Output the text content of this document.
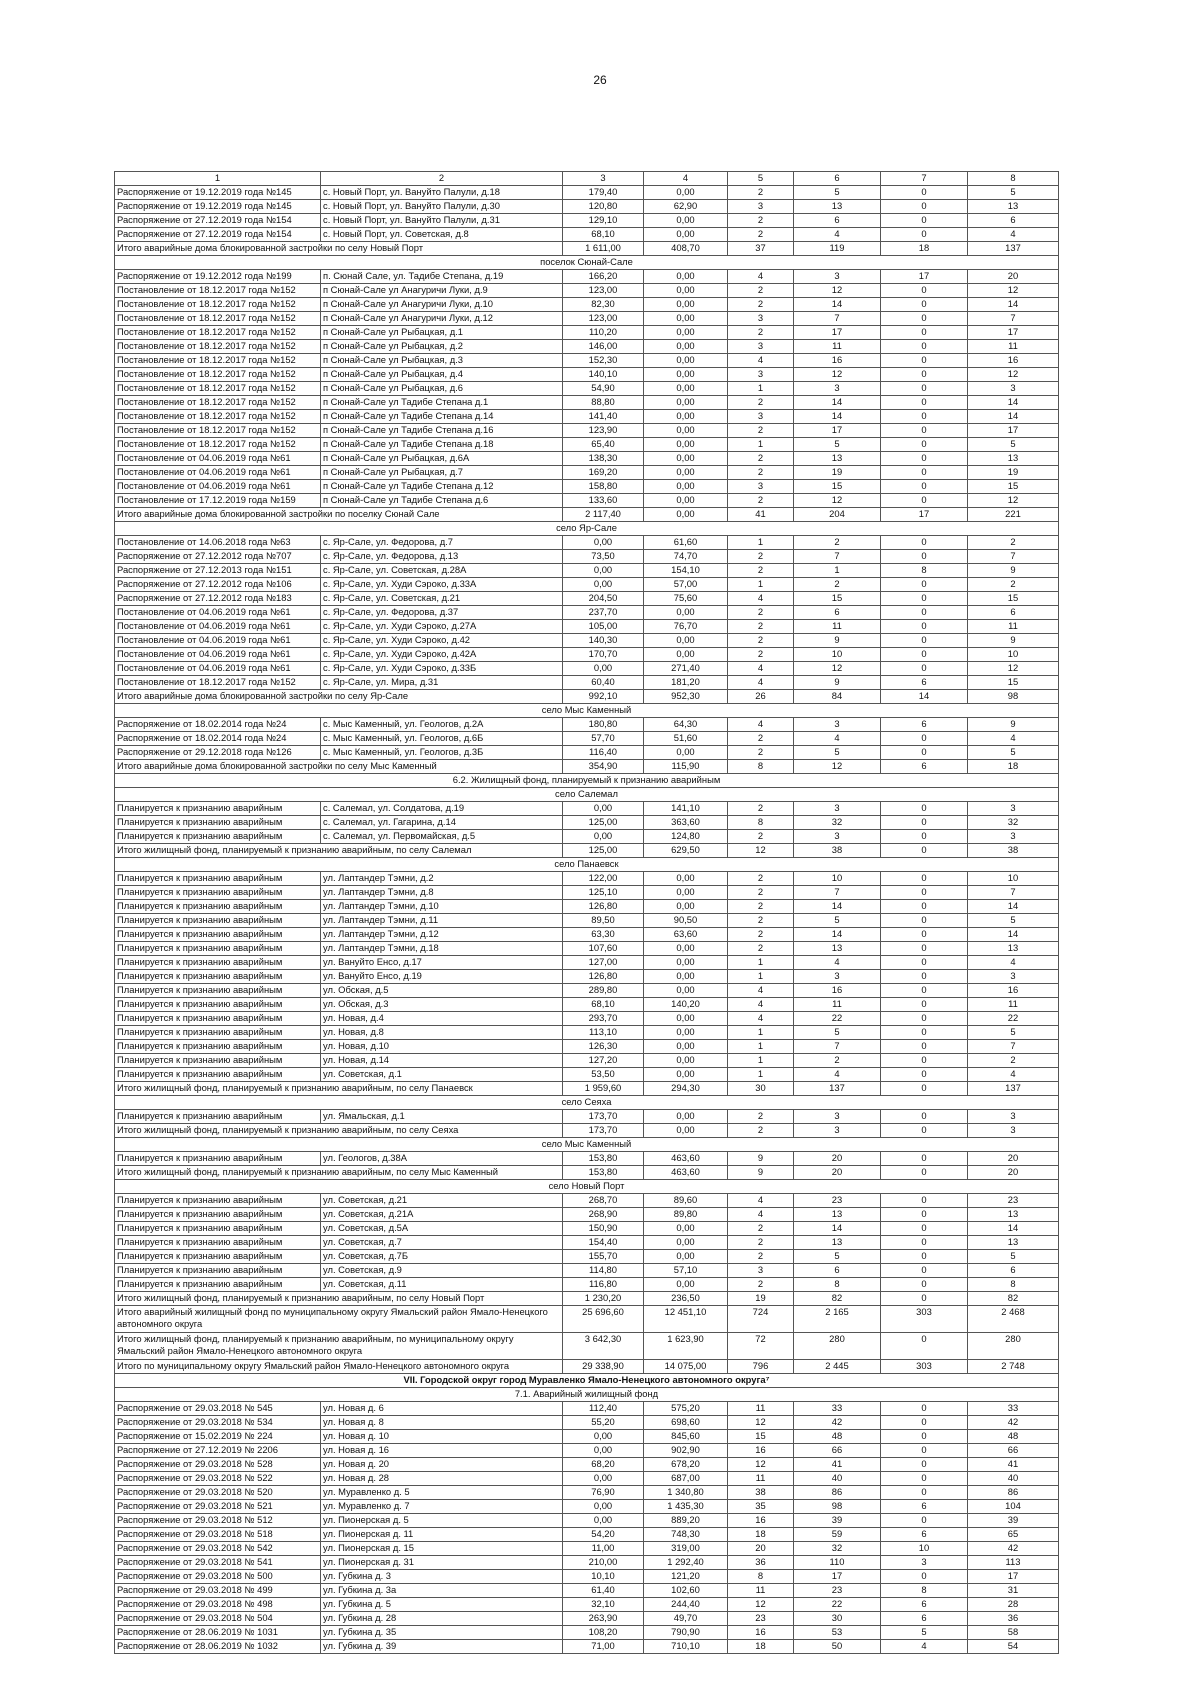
26
1	2	3	4	5	6	7	8
Распоряжение от 19.12.2019 года №145	с. Новый Порт, ул. Вануйто Палули, д.18	179,40	0,00	2	5	0	5
Распоряжение от 19.12.2019 года №145	с. Новый Порт, ул. Вануйто Палули, д.30	120,80	62,90	3	13	0	13
Распоряжение от 27.12.2019 года №154	с. Новый Порт, ул. Вануйто Палули, д.31	129,10	0,00	2	6	0	6
Распоряжение от 27.12.2019 года №154	с. Новый Порт, ул. Советская, д.8	68,10	0,00	2	4	0	4
Итого аварийные дома блокированной застройки по селу Новый Порт		1 611,00	408,70	37	119	18	137
поселок Сюнай-Сале							
Распоряжение от 19.12.2012 года №199	п. Сюнай Сале, ул. Тадибе Степана, д.19	166,20	0,00	4	3	17	20
Постановление от 18.12.2017 года №152	п Сюнай-Сале ул Анагуричи Луки, д.9	123,00	0,00	2	12	0	12
Постановление от 18.12.2017 года №152	п Сюнай-Сале ул Анагуричи Луки, д.10	82,30	0,00	2	14	0	14
Постановление от 18.12.2017 года №152	п Сюнай-Сале ул Анагуричи Луки, д.12	123,00	0,00	3	7	0	7
Постановление от 18.12.2017 года №152	п Сюнай-Сале ул Рыбацкая, д.1	110,20	0,00	2	17	0	17
Постановление от 18.12.2017 года №152	п Сюнай-Сале ул Рыбацкая, д.2	146,00	0,00	3	11	0	11
Постановление от 18.12.2017 года №152	п Сюнай-Сале ул Рыбацкая, д.3	152,30	0,00	4	16	0	16
Постановление от 18.12.2017 года №152	п Сюнай-Сале ул Рыбацкая, д.4	140,10	0,00	3	12	0	12
Постановление от 18.12.2017 года №152	п Сюнай-Сале ул Рыбацкая, д.6	54,90	0,00	1	3	0	3
Постановление от 18.12.2017 года №152	п Сюнай-Сале ул Тадибе Степана д.1	88,80	0,00	2	14	0	14
Постановление от 18.12.2017 года №152	п Сюнай-Сале ул Тадибе Степана д.14	141,40	0,00	3	14	0	14
Постановление от 18.12.2017 года №152	п Сюнай-Сале ул Тадибе Степана д.16	123,90	0,00	2	17	0	17
Постановление от 18.12.2017 года №152	п Сюнай-Сале ул Тадибе Степана д.18	65,40	0,00	1	5	0	5
Постановление от 04.06.2019 года №61	п Сюнай-Сале ул Рыбацкая, д.6А	138,30	0,00	2	13	0	13
Постановление от 04.06.2019 года №61	п Сюнай-Сале ул Рыбацкая, д.7	169,20	0,00	2	19	0	19
Постановление от 04.06.2019 года №61	п Сюнай-Сале ул Тадибе Степана д.12	158,80	0,00	3	15	0	15
Постановление от 17.12.2019 года №159	п Сюнай-Сале ул Тадибе Степана д.6	133,60	0,00	2	12	0	12
Итого аварийные дома блокированной застройки по поселку Сюнай Сале		2 117,40	0,00	41	204	17	221
село Яр-Сале							
Постановление от 14.06.2018 года №63	с. Яр-Сале, ул. Федорова, д.7	0,00	61,60	1	2	0	2
Распоряжение от 27.12.2012 года №707	с. Яр-Сале, ул. Федорова, д.13	73,50	74,70	2	7	0	7
Распоряжение от 27.12.2013 года №151	с. Яр-Сале, ул. Советская, д.28А	0,00	154,10	2	1	8	9
Распоряжение от 27.12.2012 года №106	с. Яр-Сале, ул. Худи Сэроко, д.33А	0,00	57,00	1	2	0	2
Распоряжение от 27.12.2012 года №183	с. Яр-Сале, ул. Советская, д.21	204,50	75,60	4	15	0	15
Постановление от 04.06.2019 года №61	с. Яр-Сале, ул. Федорова, д.37	237,70	0,00	2	6	0	6
Постановление от 04.06.2019 года №61	с. Яр-Сале, ул. Худи Сэроко, д.27А	105,00	76,70	2	11	0	11
Постановление от 04.06.2019 года №61	с. Яр-Сале, ул. Худи Сэроко, д.42	140,30	0,00	2	9	0	9
Постановление от 04.06.2019 года №61	с. Яр-Сале, ул. Худи Сэроко, д.42А	170,70	0,00	2	10	0	10
Постановление от 04.06.2019 года №61	с. Яр-Сале, ул. Худи Сэроко, д.33Б	0,00	271,40	4	12	0	12
Постановление от 18.12.2017 года №152	с. Яр-Сале, ул. Мира, д.31	60,40	181,20	4	9	6	15
Итого аварийные дома блокированной застройки по селу Яр-Сале		992,10	952,30	26	84	14	98
село Мыс Каменный							
Распоряжение от 18.02.2014 года №24	с. Мыс Каменный, ул. Геологов, д.2А	180,80	64,30	4	3	6	9
Распоряжение от 18.02.2014 года №24	с. Мыс Каменный, ул. Геологов, д.6Б	57,70	51,60	2	4	0	4
Распоряжение от 29.12.2018 года №126	с. Мыс Каменный, ул. Геологов, д.3Б	116,40	0,00	2	5	0	5
Итого аварийные дома блокированной застройки по селу Мыс Каменный		354,90	115,90	8	12	6	18
6.2. Жилищный фонд, планируемый к признанию аварийным							
село Салемал							
Планируется к признанию аварийным	с. Салемал, ул. Солдатова, д.19	0,00	141,10	2	3	0	3
Планируется к признанию аварийным	с. Салемал, ул. Гагарина, д.14	125,00	363,60	8	32	0	32
Планируется к признанию аварийным	с. Салемал, ул. Первомайская, д.5	0,00	124,80	2	3	0	3
Итого жилищный фонд, планируемый к признанию аварийным, по селу Салемал		125,00	629,50	12	38	0	38
село Панаевск							
Планируется к признанию аварийным	ул. Лаптандер Тэмни, д.2	122,00	0,00	2	10	0	10
Планируется к признанию аварийным	ул. Лаптандер Тэмни, д.8	125,10	0,00	2	7	0	7
Планируется к признанию аварийным	ул. Лаптандер Тэмни, д.10	126,80	0,00	2	14	0	14
Планируется к признанию аварийным	ул. Лаптандер Тэмни, д.11	89,50	90,50	2	5	0	5
Планируется к признанию аварийным	ул. Лаптандер Тэмни, д.12	63,30	63,60	2	14	0	14
Планируется к признанию аварийным	ул. Лаптандер Тэмни, д.18	107,60	0,00	2	13	0	13
Планируется к признанию аварийным	ул. Вануйто Енсо, д.17	127,00	0,00	1	4	0	4
Планируется к признанию аварийным	ул. Вануйто Енсо, д.19	126,80	0,00	1	3	0	3
Планируется к признанию аварийным	ул. Обская, д.5	289,80	0,00	4	16	0	16
Планируется к признанию аварийным	ул. Обская, д.3	68,10	140,20	4	11	0	11
Планируется к признанию аварийным	ул. Новая, д.4	293,70	0,00	4	22	0	22
Планируется к признанию аварийным	ул. Новая, д.8	113,10	0,00	1	5	0	5
Планируется к признанию аварийным	ул. Новая, д.10	126,30	0,00	1	7	0	7
Планируется к признанию аварийным	ул. Новая, д.14	127,20	0,00	1	2	0	2
Планируется к признанию аварийным	ул. Советская, д.1	53,50	0,00	1	4	0	4
Итого жилищный фонд, планируемый к признанию аварийным, по селу Панаевск		1 959,60	294,30	30	137	0	137
село Сеяха							
Планируется к признанию аварийным	ул. Ямальская, д.1	173,70	0,00	2	3	0	3
Итого жилищный фонд, планируемый к признанию аварийным, по селу Сеяха		173,70	0,00	2	3	0	3
село Мыс Каменный							
Планируется к признанию аварийным	ул. Геологов, д.38А	153,80	463,60	9	20	0	20
Итого жилищный фонд, планируемый к признанию аварийным, по селу Мыс Каменный		153,80	463,60	9	20	0	20
село Новый Порт							
Планируется к признанию аварийным	ул. Советская, д.21	268,70	89,60	4	23	0	23
Планируется к признанию аварийным	ул. Советская, д.21А	268,90	89,80	4	13	0	13
Планируется к признанию аварийным	ул. Советская, д.5А	150,90	0,00	2	14	0	14
Планируется к признанию аварийным	ул. Советская, д.7	154,40	0,00	2	13	0	13
Планируется к признанию аварийным	ул. Советская, д.7Б	155,70	0,00	2	5	0	5
Планируется к признанию аварийным	ул. Советская, д.9	114,80	57,10	3	6	0	6
Планируется к признанию аварийным	ул. Советская, д.11	116,80	0,00	2	8	0	8
Итого жилищный фонд, планируемый к признанию аварийным, по селу Новый Порт		1 230,20	236,50	19	82	0	82
Итого аварийный жилищный фонд по муниципальному округу Ямальский район Ямало-Ненецкого автономного округа		25 696,60	12 451,10	724	2 165	303	2 468
Итого жилищный фонд, планируемый к признанию аварийным, по муниципальному округу Ямальский район Ямало-Ненецкого автономного округа		3 642,30	1 623,90	72	280	0	280
Итого по муниципальному округу Ямальский район Ямало-Ненецкого автономного округа		29 338,90	14 075,00	796	2 445	303	2 748
VII. Городской округ город Муравленко Ямало-Ненецкого автономного округа⁷							
7.1. Аварийный жилищный фонд							
Распоряжение от 29.03.2018 № 545	ул. Новая д. 6	112,40	575,20	11	33	0	33
Распоряжение от 29.03.2018 № 534	ул. Новая д. 8	55,20	698,60	12	42	0	42
Распоряжение от 15.02.2019 № 224	ул. Новая д. 10	0,00	845,60	15	48	0	48
Распоряжение от 27.12.2019 № 2206	ул. Новая д. 16	0,00	902,90	16	66	0	66
Распоряжение от 29.03.2018 № 528	ул. Новая д. 20	68,20	678,20	12	41	0	41
Распоряжение от 29.03.2018 № 522	ул. Новая д. 28	0,00	687,00	11	40	0	40
Распоряжение от 29.03.2018 № 520	ул. Муравленко д. 5	76,90	1 340,80	38	86	0	86
Распоряжение от 29.03.2018 № 521	ул. Муравленко д. 7	0,00	1 435,30	35	98	6	104
Распоряжение от 29.03.2018 № 512	ул. Пионерская д. 5	0,00	889,20	16	39	0	39
Распоряжение от 29.03.2018 № 518	ул. Пионерская д. 11	54,20	748,30	18	59	6	65
Распоряжение от 29.03.2018 № 542	ул. Пионерская д. 15	11,00	319,00	20	32	10	42
Распоряжение от 29.03.2018 № 541	ул. Пионерская д. 31	210,00	1 292,40	36	110	3	113
Распоряжение от 29.03.2018 № 500	ул. Губкина д. 3	10,10	121,20	8	17	0	17
Распоряжение от 29.03.2018 № 499	ул. Губкина д. 3а	61,40	102,60	11	23	8	31
Распоряжение от 29.03.2018 № 498	ул. Губкина д. 5	32,10	244,40	12	22	6	28
Распоряжение от 29.03.2018 № 504	ул. Губкина д. 28	263,90	49,70	23	30	6	36
Распоряжение от 28.06.2019 № 1031	ул. Губкина д. 35	108,20	790,90	16	53	5	58
Распоряжение от 28.06.2019 № 1032	ул. Губкина д. 39	71,00	710,10	18	50	4	54
